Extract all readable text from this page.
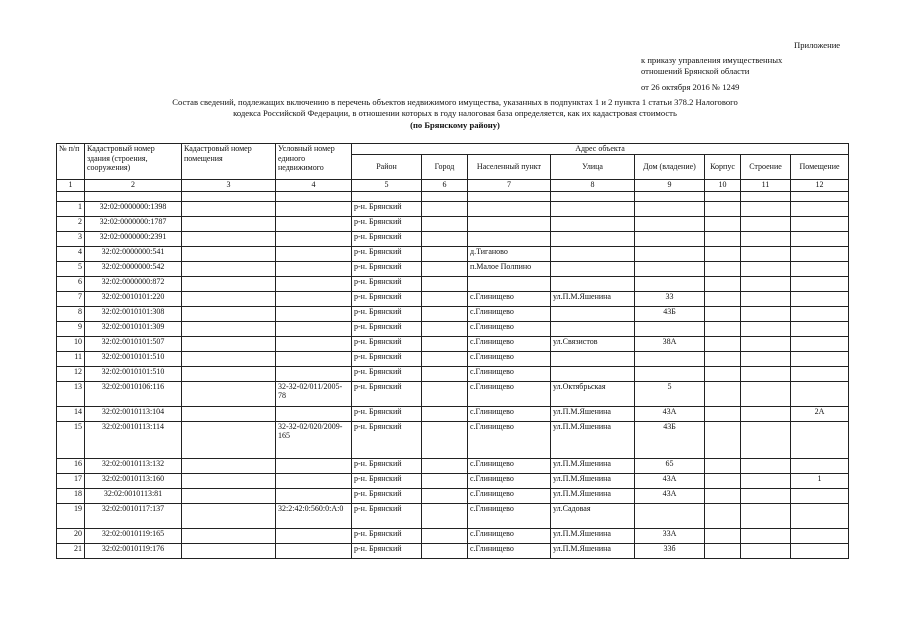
Приложение
к приказу управления имущественных
отношений Брянской области
от 26 октября 2016 № 1249
Состав сведений, подлежащих включению в перечень объектов недвижимого имущества, указанных в подпунктах 1 и 2 пункта 1 статьи 378.2 Налогового
кодекса Российской Федерации, в отношении которых в году налоговая база определяется, как их кадастровая стоимость
(по Брянскому району)
№ п/п	Кадастровый номер здания (строения, сооружения)	Кадастровый номер помещения	Условный номер единого недвижимого	Адрес объекта							
				Район	Город	Населенный пункт	Улица	Дом (владение)	Корпус	Строение	Помещение
1	2	3	4	5	6	7	8	9	10	11	12

1	32:02:0000000:1398			р-н. Брянский							
2	32:02:0000000:1787			р-н. Брянский							
3	32:02:0000000:2391			р-н. Брянский							
4	32:02:0000000:541			р-н. Брянский		д.Тиганово					
5	32:02:0000000:542			р-н. Брянский		п.Малое Полпино					
6	32:02:0000000:872			р-н. Брянский							
7	32:02:0010101:220			р-н. Брянский		с.Глинищево	ул.П.М.Яшенина	33			
8	32:02:0010101:308			р-н. Брянский		с.Глинищево		43Б			
9	32:02:0010101:309			р-н. Брянский		с.Глинищево					
10	32:02:0010101:507			р-н. Брянский		с.Глинищево	ул.Связистов	38А			
11	32:02:0010101:510			р-н. Брянский		с.Глинищево					
12	32:02:0010101:510			р-н. Брянский		с.Глинищево					
13	32:02:0010106:116		32-32-02/011/2005-78	р-н. Брянский		с.Глинищево	ул.Октябрьская	5			
14	32:02:0010113:104			р-н. Брянский		с.Глинищево	ул.П.М.Яшенина	43А			2А
15	32:02:0010113:114		32-32-02/020/2009-165	р-н. Брянский		с.Глинищево	ул.П.М.Яшенина	43Б			
16	32:02:0010113:132			р-н. Брянский		с.Глинищево	ул.П.М.Яшенина	65			
17	32:02:0010113:160			р-н. Брянский		с.Глинищево	ул.П.М.Яшенина	43А			1
18	32:02:0010113:81			р-н. Брянский		с.Глинищево	ул.П.М.Яшенина	43А			
19	32:02:0010117:137		32:2:42:0:560:0:А:0	р-н. Брянский		с.Глинищево	ул.Садовая				
20	32:02:0010119:165			р-н. Брянский		с.Глинищево	ул.П.М.Яшенина	33А			
21	32:02:0010119:176			р-н. Брянский		с.Глинищево	ул.П.М.Яшенина	33б			
